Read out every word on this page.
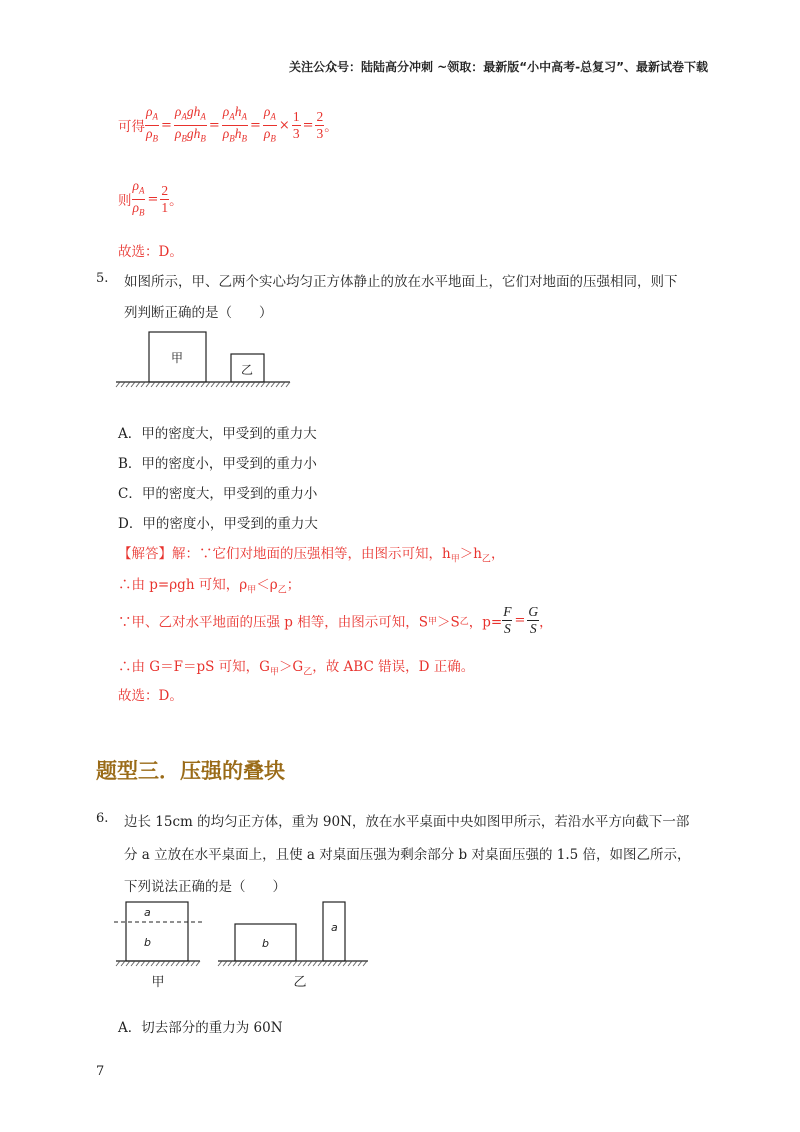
关注公众号：陆陆高分冲刺 ~领取：最新版“小中高考-总复习”、最新试卷下载
可得 $\frac{\rho_A}{\rho_B} = \frac{\rho_Agh_A}{\rho_Bgh_B} = \frac{\rho_Ah_A}{\rho_Bh_B} = \frac{\rho_A}{\rho_B} \times \frac{1}{3} = \frac{2}{3}$ 。
则 $\frac{\rho_A}{\rho_B} = \frac{2}{1}$ 。
故选：D。
5. 如图所示，甲、乙两个实心均匀正方体静止的放在水平地面上，它们对地面的压强相同，则下
列判断正确的是（　　）
甲
乙
A．甲的密度大，甲受到的重力大
B．甲的密度小，甲受到的重力小
C．甲的密度大，甲受到的重力小
D．甲的密度小，甲受到的重力大
【解答】解：∵它们对地面的压强相等，由图示可知，$h_甲>h_乙$，
∴由 p=ρgh 可知，$\rho_甲<\rho_乙$；
∵甲、乙对水平地面的压强 p 相等，由图示可知，S甲＞S乙，$p= \frac{F}{S} = \frac{G}{S}$ ，
∴由 G＝F＝pS 可知，$G_甲>G_乙$，故 ABC 错误，D 正确。
故选：D。
题型三．压强的叠块
6. 边长 15cm 的均匀正方体，重为 90N，放在水平桌面中央如图甲所示，若沿水平方向截下一部
分 a 立放在水平桌面上，且使 a 对桌面压强为剩余部分 b 对桌面压强的 1.5 倍，如图乙所示，
下列说法正确的是（　　）
a
b
甲
b
a
乙
A．切去部分的重力为 60N
7
